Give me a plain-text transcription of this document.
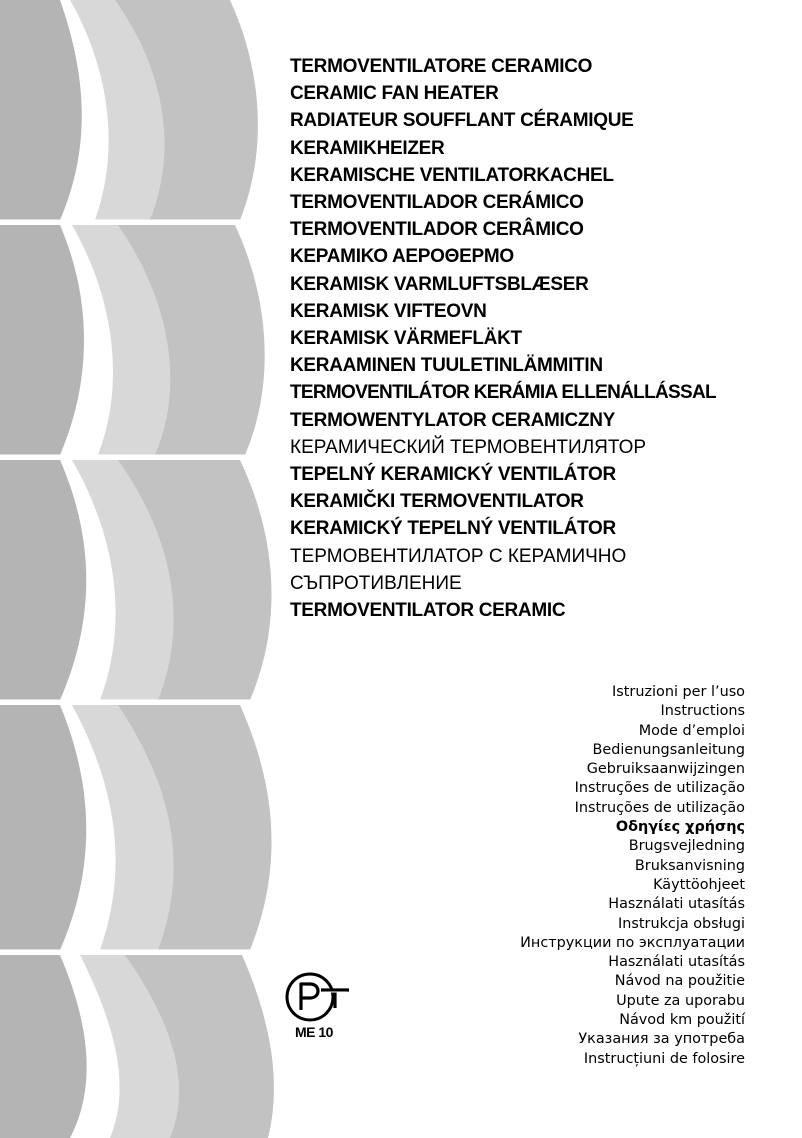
TERMOVENTILATORE CERAMICO
CERAMIC FAN HEATER
RADIATEUR SOUFFLANT CÉRAMIQUE
KERAMIKHEIZER
KERAMISCHE VENTILATORKACHEL
TERMOVENTILADOR CERÁMICO
TERMOVENTILADOR CERÂMICO
ΚΕΡΑΜΙΚΟ ΑΕΡΟΘΕΡΜΟ
KERAMISK VARMLUFTSBLÆSER
KERAMISK VIFTEOVN
KERAMISK VÄRMEFLÄKT
KERAAMINEN TUULETINLÄMMITIN
TERMOVENTILÁTOR KERÁMIA ELLENÁLLÁSSAL
TERMOWENTYLATOR CERAMICZNY
КЕРАМИЧЕСКИЙ ТЕРМОВЕНТИЛЯТОР
TEPELNÝ KERAMICKÝ VENTILÁTOR
KERAMIČKI TERMOVENTILATOR
KERAMICKÝ TEPELNÝ VENTILÁTOR
ТЕРМОВЕНТИЛАТОР С КЕРАМИЧНО
СЪПРОТИВЛЕНИЕ
TERMOVENTILATOR CERAMIC
Istruzioni per l’uso
Instructions
Mode d’emploi
Bedienungsanleitung
Gebruiksaanwijzingen
Instruções de utilização
Instruções de utilização
Οδηγίες χρήσης
Brugsvejledning
Bruksanvisning
Käyttöohjeet
Használati utasítás
Instrukcja obsługi
Инструкции по эксплуатации
Használati utasítás
Návod na použitie
Upute za uporabu
Návod km použití
Указания за употреба
Instrucțiuni de folosire
ME 10
